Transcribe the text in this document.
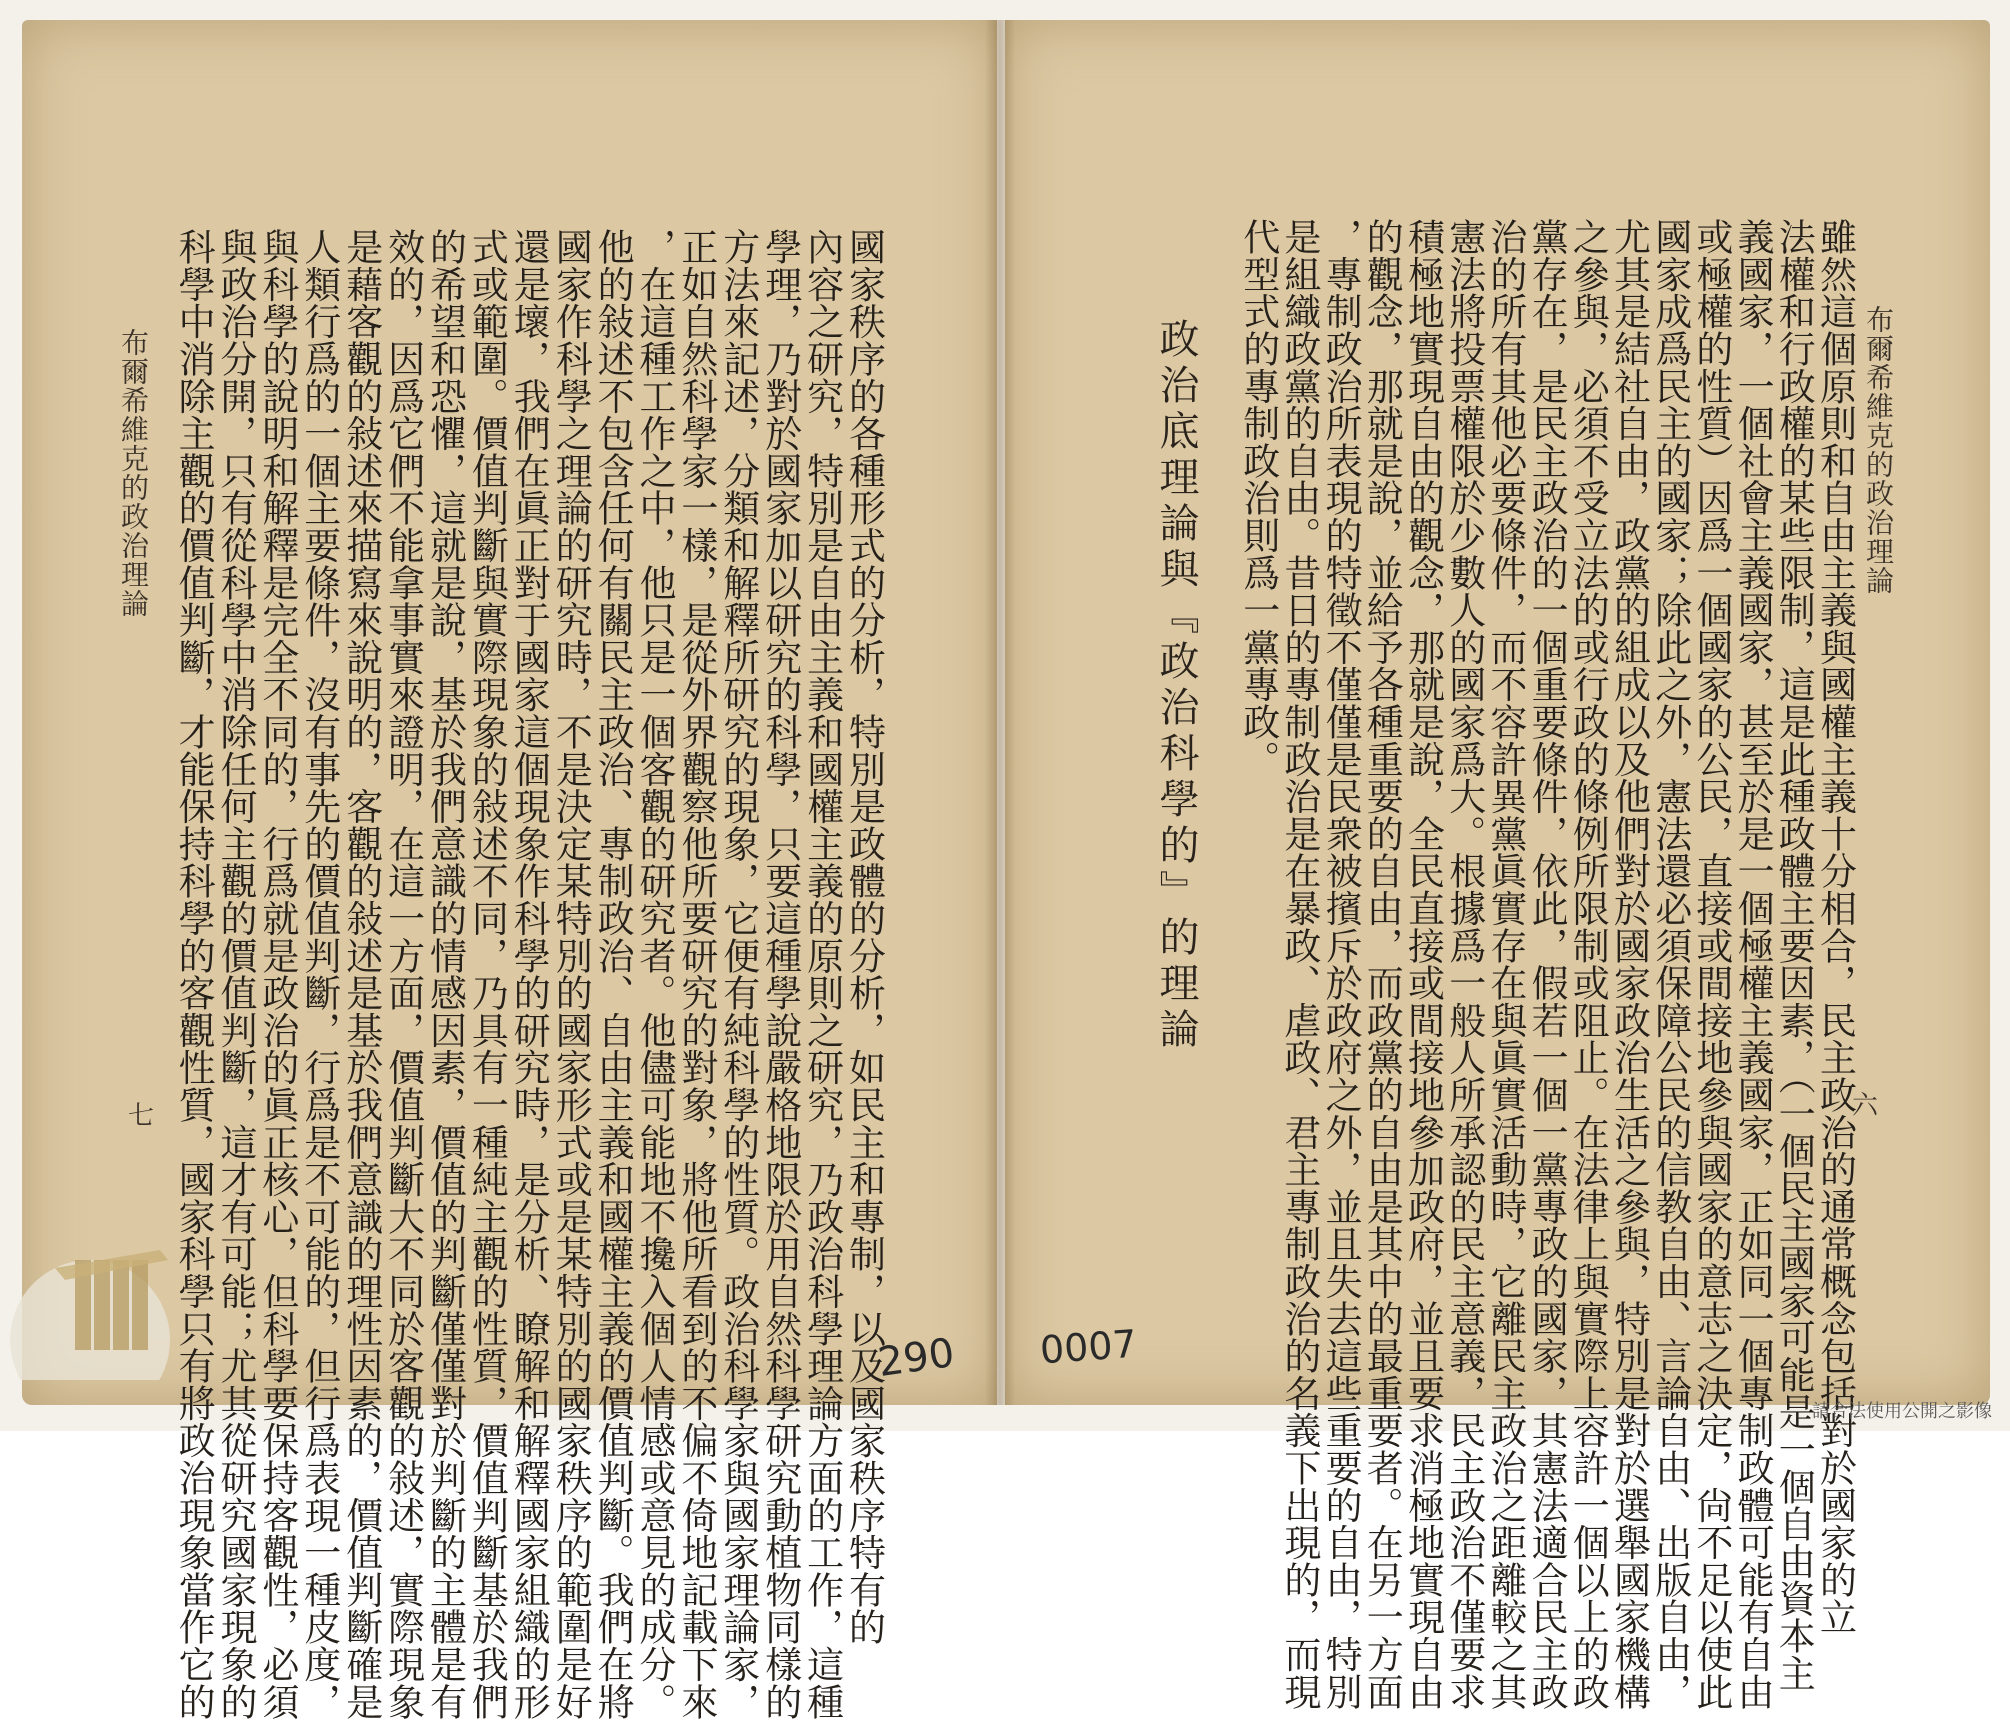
布爾希維克的政治理論
六
雖然這個原則和自由主義與國權主義十分相合，民主政治的通常概念包括對於國家的立
法權和行政權的某些限制，這是此種政體主要因素，（一個民主國家可能是一個自由資本主
義國家，一個社會主義國家，甚至於是一個極權主義國家，正如同一個專制政體可能有自由
或極權的性質）因爲一個國家的公民，直接或間接地參與國家的意志之決定，尙不足以使此
國家成爲民主的國家；除此之外，憲法還必須保障公民的信教自由、言論自由、出版自由，
尤其是結社自由，政黨的組成以及他們對於國家政治生活之參與，特別是對於選舉國家機構
之參與，必須不受立法的或行政的條例所限制或阻止。在法律上與實際上容許一個以上的政
黨存在，是民主政治的一個重要條件，依此，假若一個一黨專政的國家，其憲法適合民主政
治的所有其他必要條件，而不容許異黨眞實存在與眞實活動時，它離民主政治之距離較之其
憲法將投票權限於少數人的國家爲大。根據爲一般人所承認的民主意義，民主政治不僅要求
積極地實現自由的觀念，那就是說，全民直接或間接地參加政府，並且要求消極地實現自由
的觀念，那就是說，並給予各種重要的自由，而政黨的自由是其中的最重要者。在另一方面
，專制政治所表現的特徵不僅僅是民衆被擯斥於政府之外，並且失去這些重要的自由，特別
是組織政黨的自由。昔日的專制政治是在暴政、虐政、君主專制政治的名義下出現的，而現
代型式的專制政治則爲一黨專政。
政治底理論與『政治科學的』的理論
布爾希維克的政治理論
七	國家秩序的各種形式的分析，特別是政體的分析，如民主和專制，以及國家秩序特有的
內容之研究，特別是自由主義和國權主義的原則之研究，乃政治科學理論方面的工作，這種
學理，乃對於國家加以研究的科學，只要這種學說嚴格地限於用自然科學研究動植物同樣的
方法來記述，分類和解釋所研究的現象，它便有純科學的性質。政治科學家與國家理論家，
正如自然科學家一樣，是從外界觀察他所要研究的對象，將他所看到的不偏不倚地記載下來
，在這種工作之中，他只是一個客觀的研究者。他儘可能地不攙入個人情感或意見的成分。
他的敍述不包含任何有關民主政治、專制政治、自由主義和國權主義的價值判斷。我們在將
國家作科學之理論的研究時，不是決定某特別的國家形式或是某特別的國家秩序的範圍是好
還是壞，我們在眞正對于國家這個現象作科學的研究時，是分析、瞭解和解釋國家組織的形
式或範圍。價值判斷與實際現象的敍述不同，乃具有一種純主觀的性質，價值判斷基於我們
的希望和恐懼，這就是說，基於我們意識的情感因素，價值的判斷僅僅對於判斷的主體是有
效的，因爲它們不能拿事實來證明，在這一方面，價值判斷大不同於客觀的敍述，實際現象
是藉客觀的敍述來描寫來說明的，客觀的敍述是基於我們意識的理性因素的，價值判斷確是
人類行爲的一個主要條件，沒有事先的價值判斷，行爲是不可能的，但行爲表現一種皮度，
與科學的說明和解釋是完全不同的，行爲就是政治的眞正核心，但科學要保持客觀性，必須
與政治分開，只有從科學中消除任何主觀的價值判斷，這才有可能；尤其從研究國家現象的
科學中消除主觀的價值判斷，才能保持科學的客觀性質，國家科學只有將政治現象當作它的	290 0007
請合法使用公開之影像
